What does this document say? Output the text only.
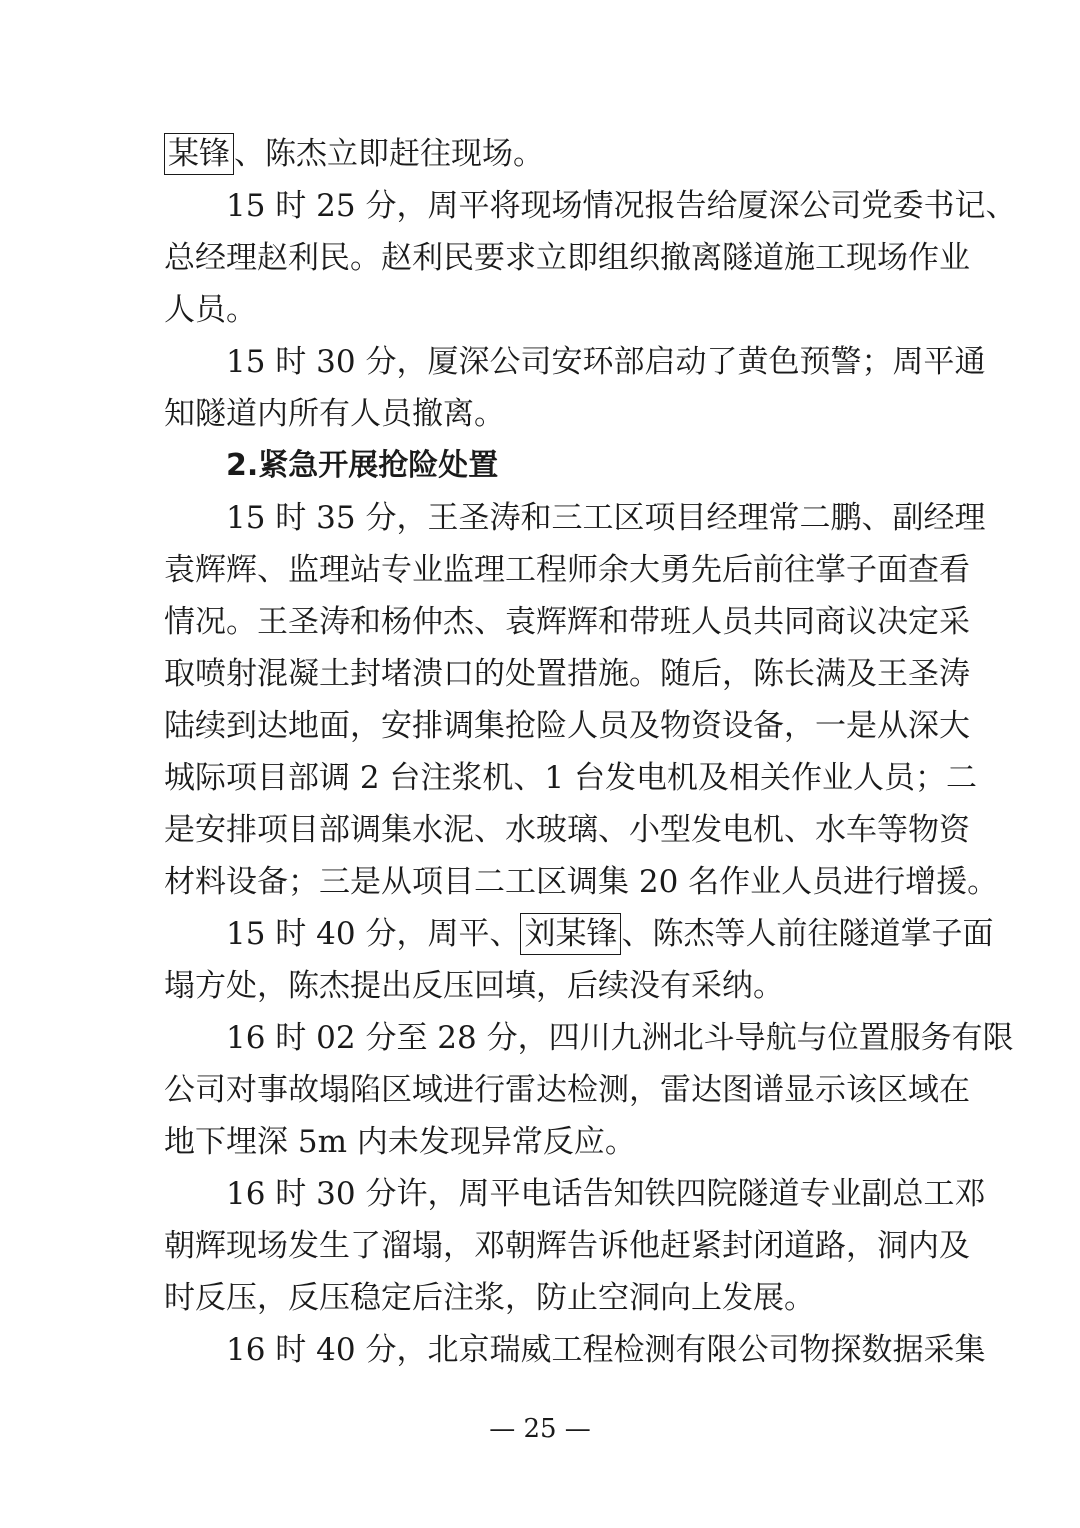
某锋 、陈杰立即赶往现场。
15 时 25 分，周平将现场情况报告给厦深公司党委书记、
总经理赵利民。赵利民要求立即组织撤离隧道施工现场作业
人员。
15 时 30 分，厦深公司安环部启动了黄色预警；周平通
知隧道内所有人员撤离。
2.紧急开展抢险处置
15 时 35 分，王圣涛和三工区项目经理常二鹏、副经理
袁辉辉、监理站专业监理工程师余大勇先后前往掌子面查看
情况。王圣涛和杨仲杰、袁辉辉和带班人员共同商议决定采
取喷射混凝土封堵溃口的处置措施。随后，陈长满及王圣涛
陆续到达地面，安排调集抢险人员及物资设备，一是从深大
城际项目部调 2 台注浆机、1 台发电机及相关作业人员；二
是安排项目部调集水泥、水玻璃、小型发电机、水车等物资
材料设备；三是从项目二工区调集 20 名作业人员进行增援。
15 时 40 分，周平、 刘某锋 、陈杰等人前往隧道掌子面
塌方处，陈杰提出反压回填，后续没有采纳。
16 时 02 分至 28 分，四川九洲北斗导航与位置服务有限
公司对事故塌陷区域进行雷达检测，雷达图谱显示该区域在
地下埋深 5m 内未发现异常反应。
16 时 30 分许，周平电话告知铁四院隧道专业副总工邓
朝辉现场发生了溜塌，邓朝辉告诉他赶紧封闭道路，洞内及
时反压，反压稳定后注浆，防止空洞向上发展。
16 时 40 分，北京瑞威工程检测有限公司物探数据采集
— 25 —
